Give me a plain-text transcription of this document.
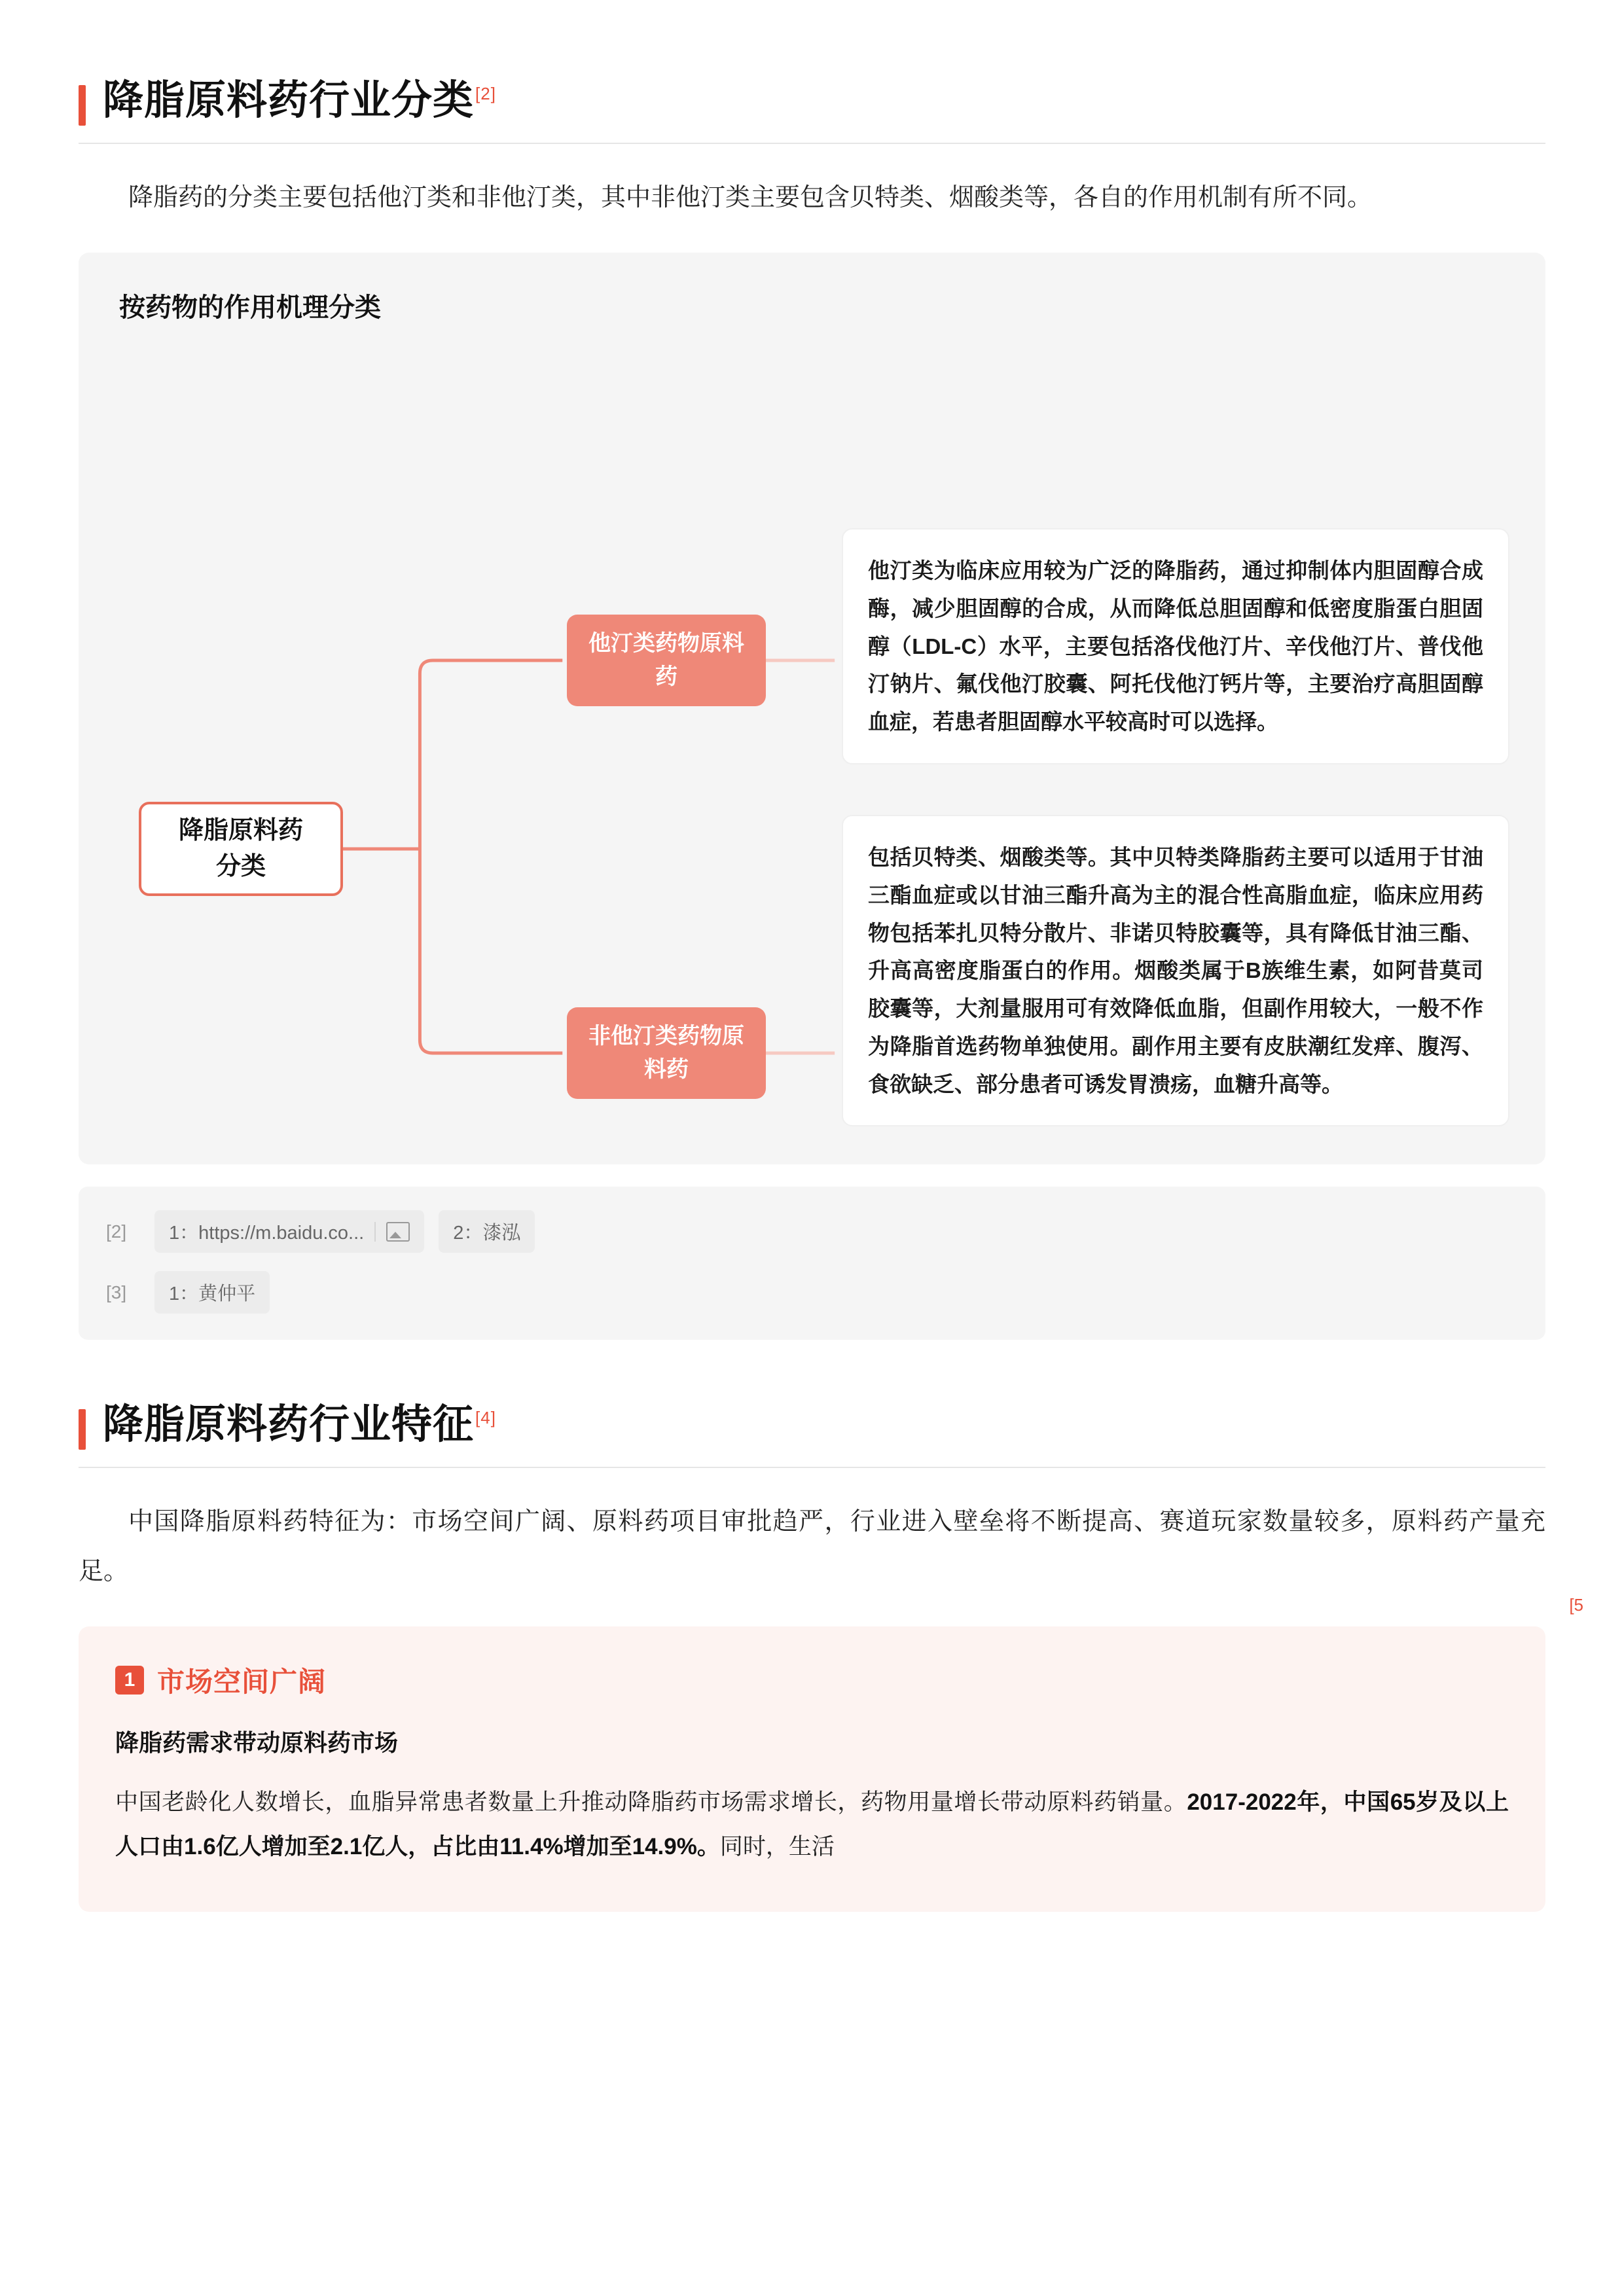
降脂原料药行业分类[2]

降脂药的分类主要包括他汀类和非他汀类，其中非他汀类主要包含贝特类、烟酸类等，各自的作用机制有所不同。

按药物的作用机理分类
降脂原料药
分类
他汀类药物原料药
非他汀类药物原料药
他汀类为临床应用较为广泛的降脂药，通过抑制体内胆固醇合成酶，减少胆固醇的合成，从而降低总胆固醇和低密度脂蛋白胆固醇（LDL-C）水平，主要包括洛伐他汀片、辛伐他汀片、普伐他汀钠片、氟伐他汀胶囊、阿托伐他汀钙片等，主要治疗高胆固醇血症，若患者胆固醇水平较高时可以选择。
包括贝特类、烟酸类等。其中贝特类降脂药主要可以适用于甘油三酯血症或以甘油三酯升高为主的混合性高脂血症，临床应用药物包括苯扎贝特分散片、非诺贝特胶囊等，具有降低甘油三酯、升高高密度脂蛋白的作用。烟酸类属于B族维生素，如阿昔莫司胶囊等，大剂量服用可有效降低血脂，但副作用较大，一般不作为降脂首选药物单独使用。副作用主要有皮肤潮红发痒、腹泻、食欲缺乏、部分患者可诱发胃溃疡，血糖升高等。
[2]	1：https://m.baidu.co...	2：漆泓
[3]	1：黄仲平
降脂原料药行业特征[4]

中国降脂原料药特征为：市场空间广阔、原料药项目审批趋严，行业进入壁垒将不断提高、赛道玩家数量较多，原料药产量充足。

[5
1 市场空间广阔
降脂药需求带动原料药市场
中国老龄化人数增长，血脂异常患者数量上升推动降脂药市场需求增长，药物用量增长带动原料药销量。2017-2022年，中国65岁及以上人口由1.6亿人增加至2.1亿人，占比由11.4%增加至14.9%。同时，生活
